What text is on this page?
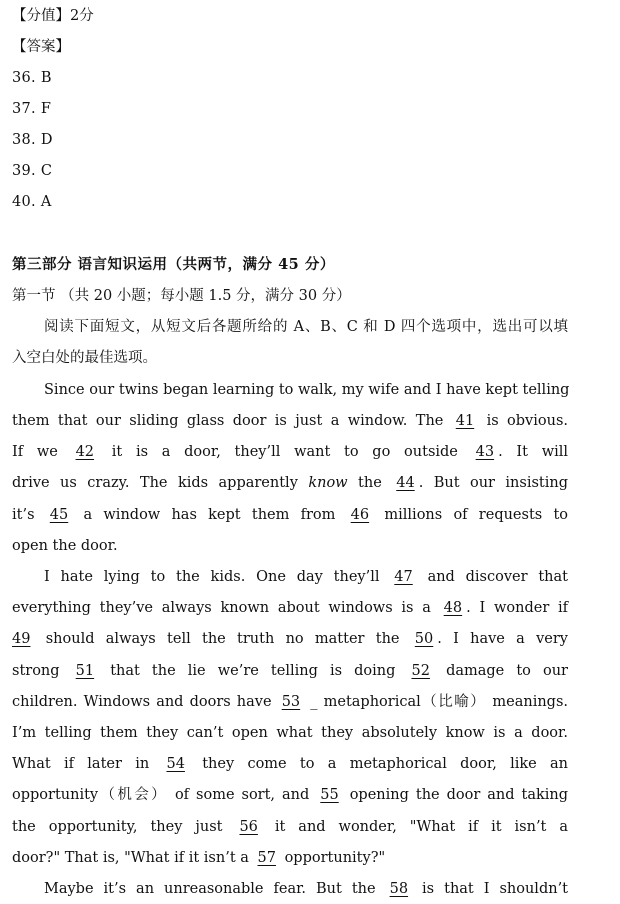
【分值】2分
【答案】
36. B
37. F
38. D
39. C
40. A
第三部分 语言知识运用（共两节，满分 45 分）
第一节 （共 20 小题；每小题 1.5 分，满分 30 分）
阅读下面短文，从短文后各题所给的 A、B、C 和 D 四个选项中，选出可以填
入空白处的最佳选项。
Since our twins began learning to walk, my wife and I have kept telling
them that our sliding glass door is just a window. The 41 is obvious.
If we 42 it is a door, they’ll want to go outside 43 . It will
drive us crazy. The kids apparently know the 44 . But our insisting
it’s 45 a window has kept them from 46 millions of requests to
open the door.
I hate lying to the kids. One day they’ll 47 and discover that
everything they’ve always known about windows is a 48 . I wonder if
49 should always tell the truth no matter the 50 . I have a very
strong 51 that the lie we’re telling is doing 52 damage to our
children. Windows and doors have 53 _ metaphorical（比喻） meanings.
I’m telling them they can’t open what they absolutely know is a door.
What if later in 54 they come to a metaphorical door, like an
opportunity（机会） of some sort, and 55 opening the door and taking
the opportunity, they just 56 it and wonder, "What if it isn’t a
door?" That is, "What if it isn’t a 57 opportunity?"
Maybe it’s an unreasonable fear. But the 58 is that I shouldn’t
